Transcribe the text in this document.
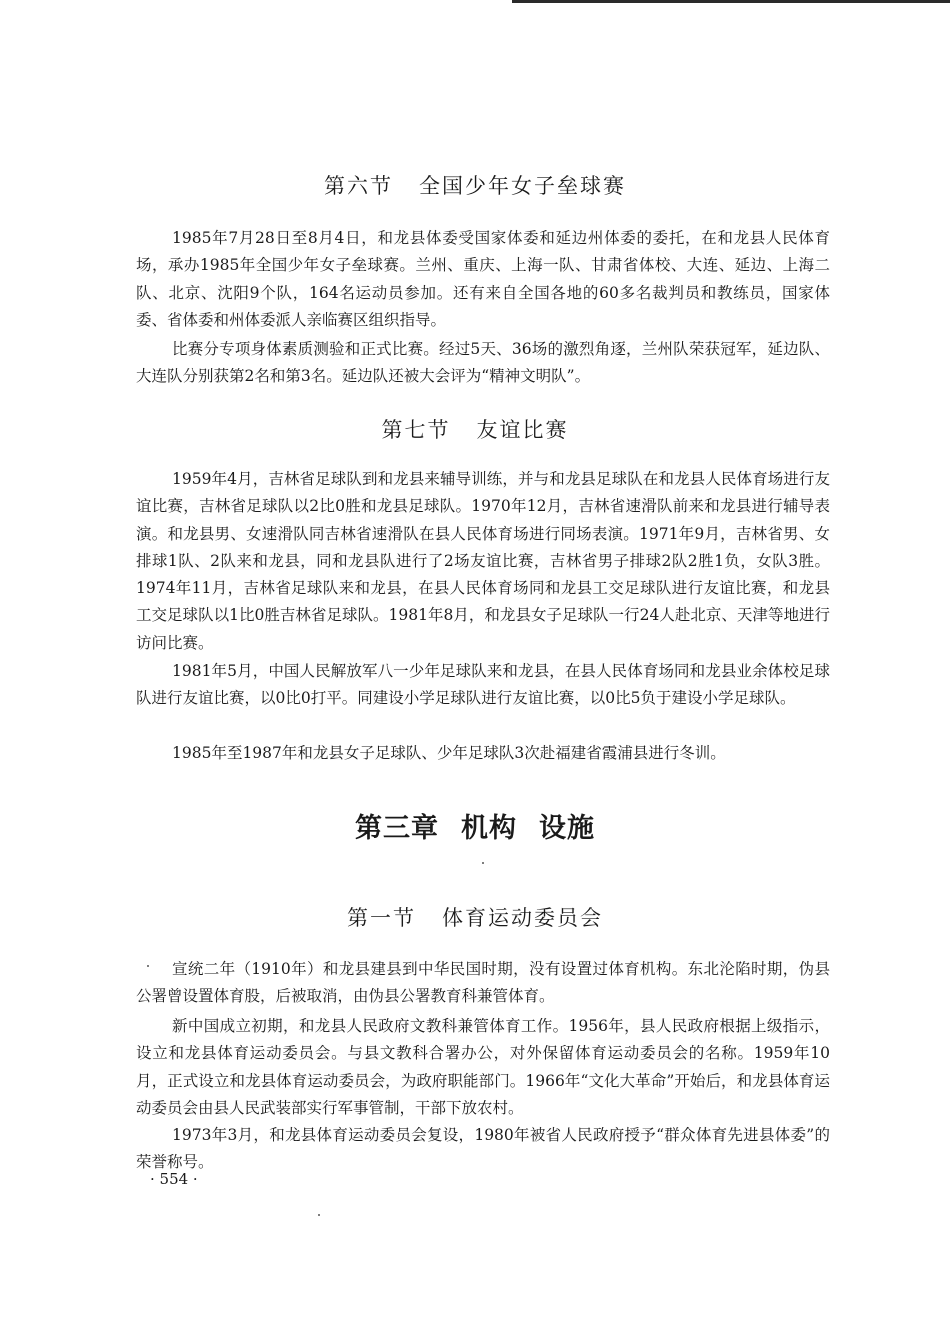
第六节 全国少年女子垒球赛

1985年7月28日至8月4日，和龙县体委受国家体委和延边州体委的委托，在和龙县人民体育场，承办1985年全国少年女子垒球赛。兰州、重庆、上海一队、甘肃省体校、大连、延边、上海二队、北京、沈阳9个队，164名运动员参加。还有来自全国各地的60多名裁判员和教练员，国家体委、省体委和州体委派人亲临赛区组织指导。

比赛分专项身体素质测验和正式比赛。经过5天、36场的激烈角逐，兰州队荣获冠军，延边队、大连队分别获第2名和第3名。延边队还被大会评为“精神文明队”。

第七节 友谊比赛

1959年4月，吉林省足球队到和龙县来辅导训练，并与和龙县足球队在和龙县人民体育场进行友谊比赛，吉林省足球队以2比0胜和龙县足球队。1970年12月，吉林省速滑队前来和龙县进行辅导表演。和龙县男、女速滑队同吉林省速滑队在县人民体育场进行同场表演。1971年9月，吉林省男、女排球1队、2队来和龙县，同和龙县队进行了2场友谊比赛，吉林省男子排球2队2胜1负，女队3胜。1974年11月，吉林省足球队来和龙县，在县人民体育场同和龙县工交足球队进行友谊比赛，和龙县工交足球队以1比0胜吉林省足球队。1981年8月，和龙县女子足球队一行24人赴北京、天津等地进行访问比赛。

1981年5月，中国人民解放军八一少年足球队来和龙县，在县人民体育场同和龙县业余体校足球队进行友谊比赛，以0比0打平。同建设小学足球队进行友谊比赛，以0比5负于建设小学足球队。

1985年至1987年和龙县女子足球队、少年足球队3次赴福建省霞浦县进行冬训。

第三章 机构 设施
第一节 体育运动委员会

宣统二年（1910年）和龙县建县到中华民国时期，没有设置过体育机构。东北沦陷时期，伪县公署曾设置体育股，后被取消，由伪县公署教育科兼管体育。

新中国成立初期，和龙县人民政府文教科兼管体育工作。1956年，县人民政府根据上级指示，设立和龙县体育运动委员会。与县文教科合署办公，对外保留体育运动委员会的名称。1959年10月，正式设立和龙县体育运动委员会，为政府职能部门。1966年“文化大革命”开始后，和龙县体育运动委员会由县人民武装部实行军事管制，干部下放农村。

1973年3月，和龙县体育运动委员会复设，1980年被省人民政府授予“群众体育先进县体委”的荣誉称号。

· 554 ·
